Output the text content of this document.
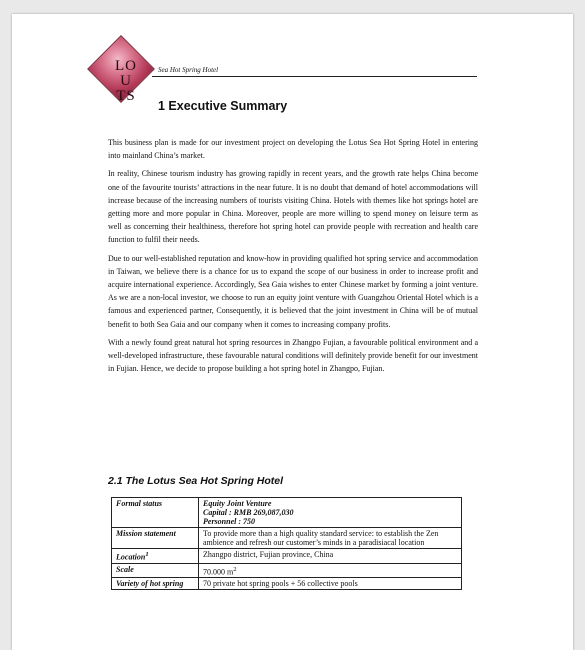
LO
U
TS
Sea Hot Spring Hotel
1 Executive Summary

This business plan is made for our investment project on developing the Lotus Sea Hot Spring Hotel in entering into mainland China’s market.

In reality, Chinese tourism industry has growing rapidly in recent years, and the growth rate helps China become one of the favourite tourists’ attractions in the near future. It is no doubt that demand of hotel accommodations will increase because of the increasing numbers of tourists visiting China. Hotels with themes like hot springs hotel are getting more and more popular in China. Moreover, people are more willing to spend money on leisure term as well as concerning their healthiness, therefore hot spring hotel can provide people with recreation and health care function to fulfil their needs.

Due to our well-established reputation and know-how in providing qualified hot spring service and accommodation in Taiwan, we believe there is a chance for us to expand the scope of our business in order to increase profit and acquire international experience. Accordingly, Sea Gaia wishes to enter Chinese market by forming a joint venture. As we are a non-local investor, we choose to run an equity joint venture with Guangzhou Oriental Hotel which is a famous and experienced partner, Consequently, it is believed that the joint investment in China will be of mutual benefit to both Sea Gaia and our company when it comes to increasing company profits.

With a newly found great natural hot spring resources in Zhangpo Fujian, a favourable political environment and a well-developed infrastructure, these favourable natural conditions will definitely provide benefit for our investment in Fujian. Hence, we decide to propose building a hot spring hotel in Zhangpo, Fujian.

2.1 The Lotus Sea Hot Spring Hotel
Formal status	Equity Joint Venture
Capital : RMB 269,087,030
Personnel : 750

Mission statement	To provide more than a high quality standard service: to establish the Zen ambience and refresh our customer’s minds in a paradisiacal location
Location$^1$	Zhangpo district, Fujian province, China
Scale	70.000 $m^2$
Variety of hot spring	70 private hot spring pools + 56 collective pools
